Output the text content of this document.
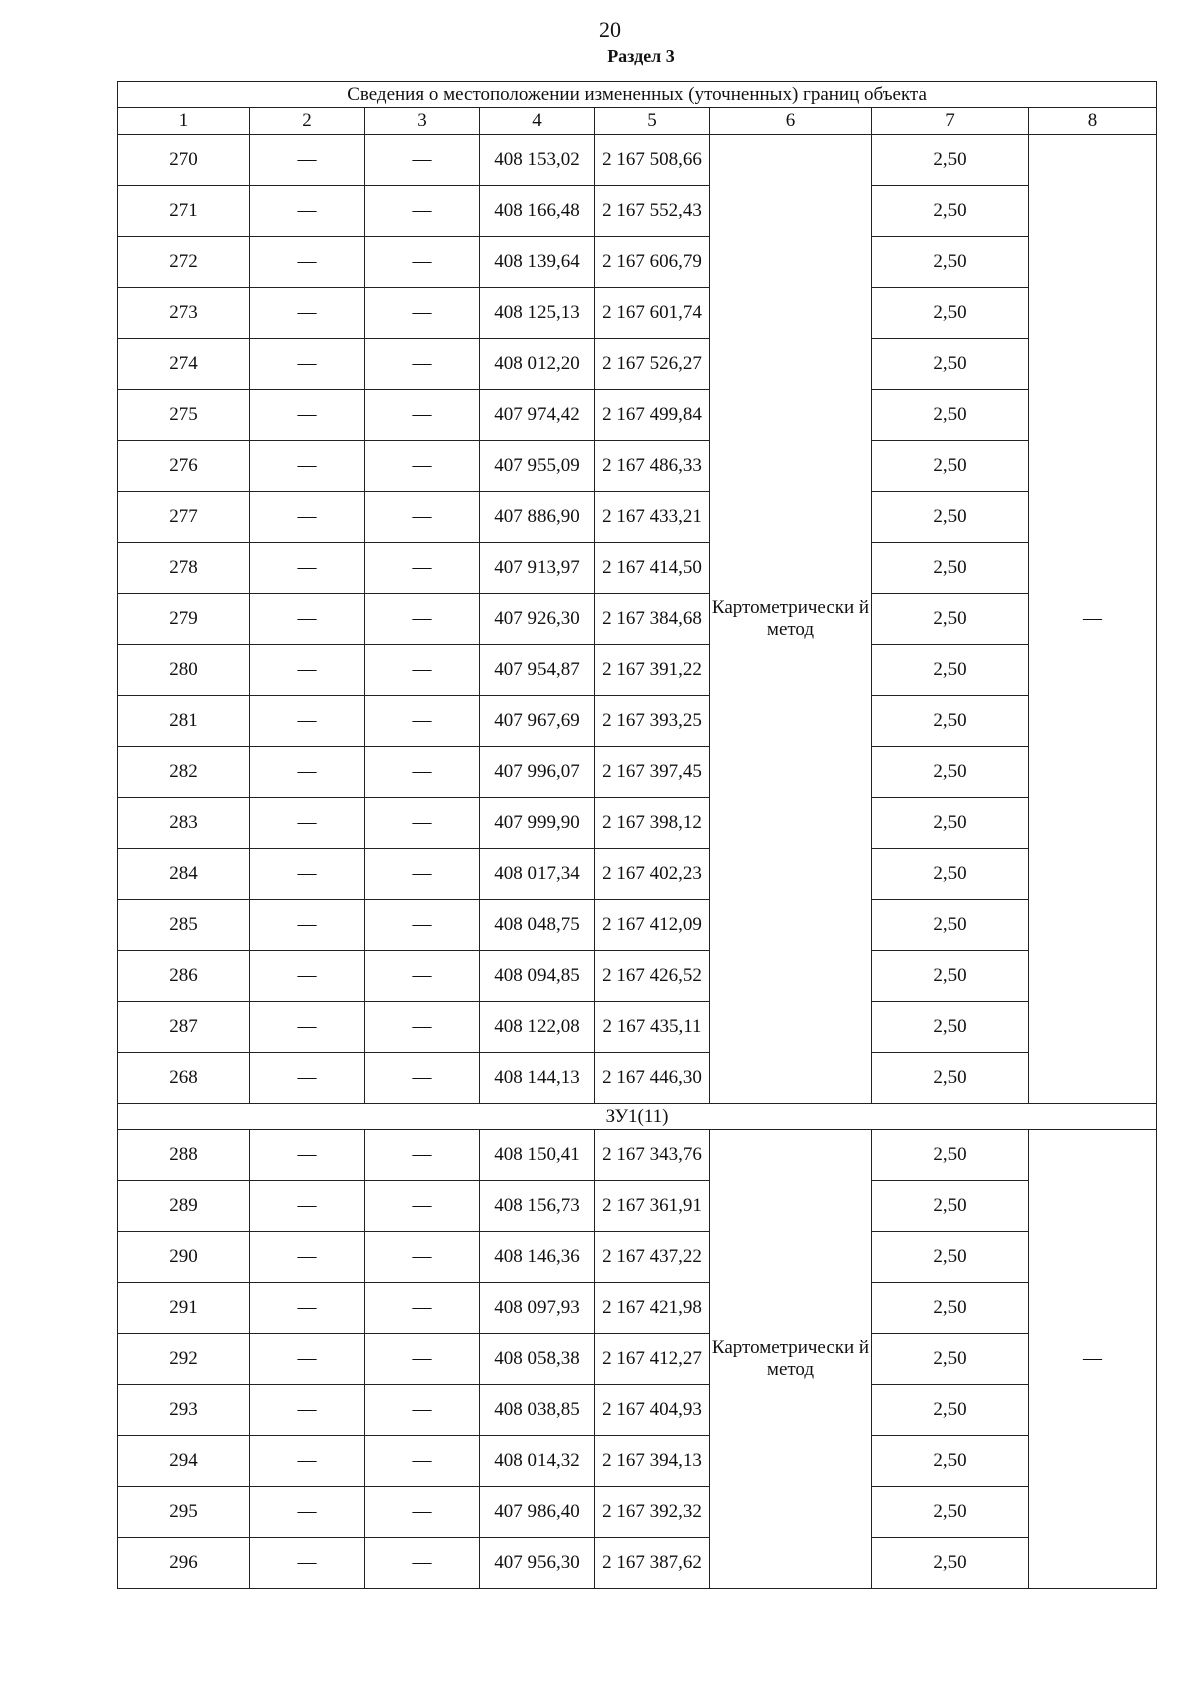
20
Раздел 3
Сведения о местоположении измененных (уточненных) границ объекта							
1	2	3	4	5	6	7	8
270	—	—	408 153,02	2 167 508,66	Картометрически й метод	2,50	—
271	—	—	408 166,48	2 167 552,43		2,50	
272	—	—	408 139,64	2 167 606,79		2,50	
273	—	—	408 125,13	2 167 601,74		2,50	
274	—	—	408 012,20	2 167 526,27		2,50	
275	—	—	407 974,42	2 167 499,84		2,50	
276	—	—	407 955,09	2 167 486,33		2,50	
277	—	—	407 886,90	2 167 433,21		2,50	
278	—	—	407 913,97	2 167 414,50		2,50	
279	—	—	407 926,30	2 167 384,68		2,50	
280	—	—	407 954,87	2 167 391,22		2,50	
281	—	—	407 967,69	2 167 393,25		2,50	
282	—	—	407 996,07	2 167 397,45		2,50	
283	—	—	407 999,90	2 167 398,12		2,50	
284	—	—	408 017,34	2 167 402,23		2,50	
285	—	—	408 048,75	2 167 412,09		2,50	
286	—	—	408 094,85	2 167 426,52		2,50	
287	—	—	408 122,08	2 167 435,11		2,50	
268	—	—	408 144,13	2 167 446,30		2,50	
ЗУ1(11)							
288	—	—	408 150,41	2 167 343,76	Картометрически й метод	2,50	—
289	—	—	408 156,73	2 167 361,91		2,50	
290	—	—	408 146,36	2 167 437,22		2,50	
291	—	—	408 097,93	2 167 421,98		2,50	
292	—	—	408 058,38	2 167 412,27		2,50	
293	—	—	408 038,85	2 167 404,93		2,50	
294	—	—	408 014,32	2 167 394,13		2,50	
295	—	—	407 986,40	2 167 392,32		2,50	
296	—	—	407 956,30	2 167 387,62		2,50	
